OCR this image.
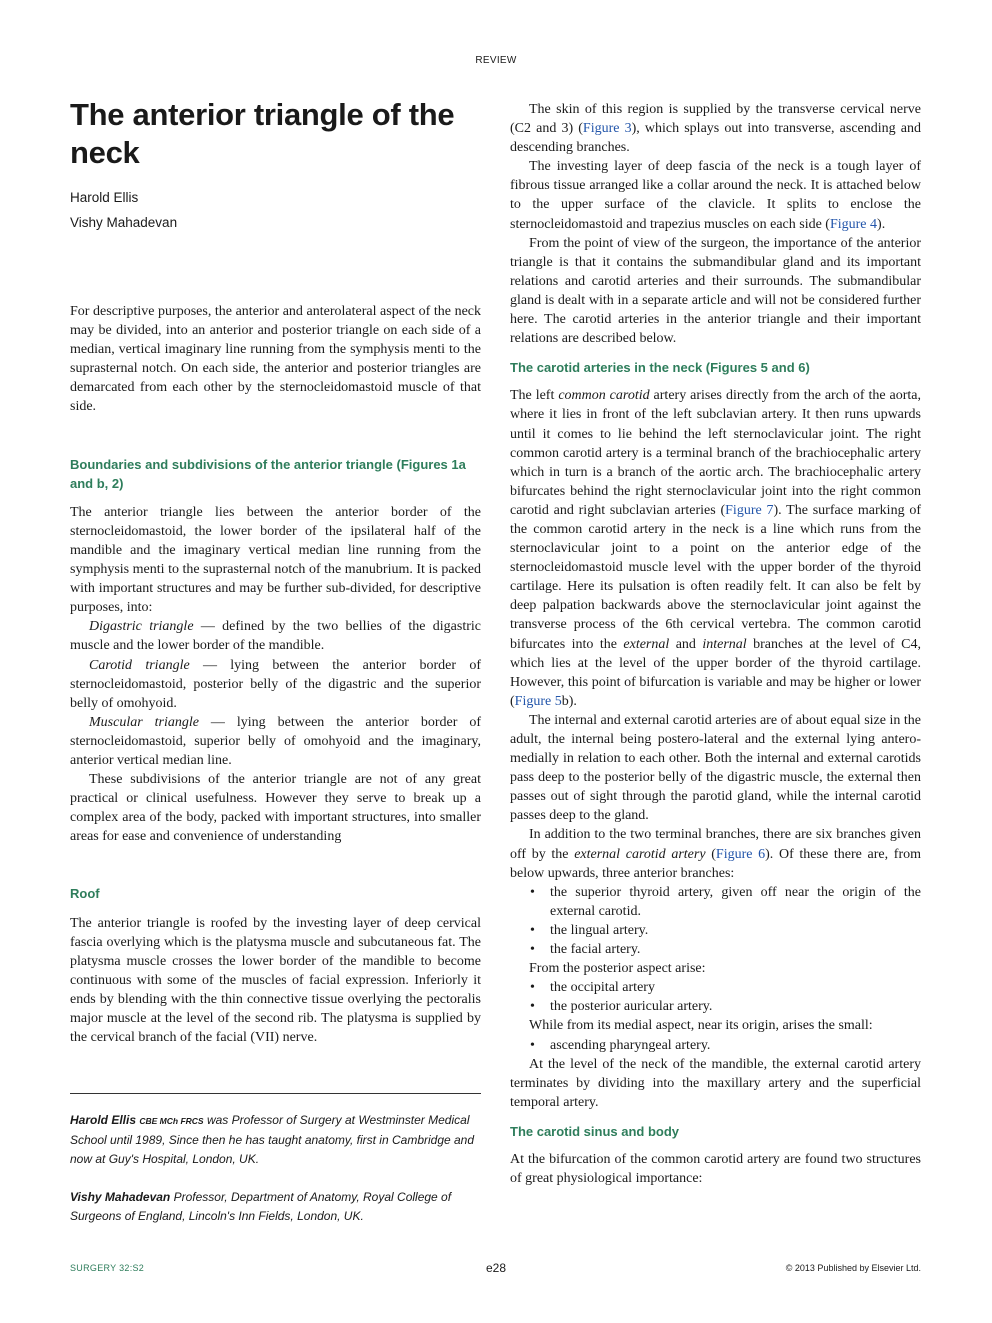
REVIEW
The anterior triangle of the neck
Harold Ellis
Vishy Mahadevan

For descriptive purposes, the anterior and anterolateral aspect of the neck may be divided, into an anterior and posterior triangle on each side of a median, vertical imaginary line running from the symphysis menti to the suprasternal notch. On each side, the anterior and posterior triangles are demarcated from each other by the sternocleidomastoid muscle of that side.

Boundaries and subdivisions of the anterior triangle (Figures 1a and b, 2)

The anterior triangle lies between the anterior border of the sternocleidomastoid, the lower border of the ipsilateral half of the mandible and the imaginary vertical median line running from the symphysis menti to the suprasternal notch of the manubrium. It is packed with important structures and may be further sub-divided, for descriptive purposes, into:

Digastric triangle — defined by the two bellies of the digastric muscle and the lower border of the mandible.

Carotid triangle — lying between the anterior border of sternocleidomastoid, posterior belly of the digastric and the superior belly of omohyoid.

Muscular triangle — lying between the anterior border of sternocleidomastoid, superior belly of omohyoid and the imaginary, anterior vertical median line.

These subdivisions of the anterior triangle are not of any great practical or clinical usefulness. However they serve to break up a complex area of the body, packed with important structures, into smaller areas for ease and convenience of understanding

Roof

The anterior triangle is roofed by the investing layer of deep cervical fascia overlying which is the platysma muscle and subcutaneous fat. The platysma muscle crosses the lower border of the mandible to become continuous with some of the muscles of facial expression. Inferiorly it ends by blending with the thin connective tissue overlying the pectoralis major muscle at the level of the second rib. The platysma is supplied by the cervical branch of the facial (VII) nerve.

Harold Ellis CBE MCh FRCS was Professor of Surgery at Westminster Medical School until 1989, Since then he has taught anatomy, first in Cambridge and now at Guy's Hospital, London, UK.

Vishy Mahadevan Professor, Department of Anatomy, Royal College of Surgeons of England, Lincoln's Inn Fields, London, UK.

The skin of this region is supplied by the transverse cervical nerve (C2 and 3) (Figure 3), which splays out into transverse, ascending and descending branches.

The investing layer of deep fascia of the neck is a tough layer of fibrous tissue arranged like a collar around the neck. It is attached below to the upper surface of the clavicle. It splits to enclose the sternocleidomastoid and trapezius muscles on each side (Figure 4).

From the point of view of the surgeon, the importance of the anterior triangle is that it contains the submandibular gland and its important relations and carotid arteries and their surrounds. The submandibular gland is dealt with in a separate article and will not be considered further here. The carotid arteries in the anterior triangle and their important relations are described below.

The carotid arteries in the neck (Figures 5 and 6)

The left common carotid artery arises directly from the arch of the aorta, where it lies in front of the left subclavian artery. It then runs upwards until it comes to lie behind the left sternoclavicular joint. The right common carotid artery is a terminal branch of the brachiocephalic artery which in turn is a branch of the aortic arch. The brachiocephalic artery bifurcates behind the right sternoclavicular joint into the right common carotid and right subclavian arteries (Figure 7). The surface marking of the common carotid artery in the neck is a line which runs from the sternoclavicular joint to a point on the anterior edge of the sternocleidomastoid muscle level with the upper border of the thyroid cartilage. Here its pulsation is often readily felt. It can also be felt by deep palpation backwards above the sternoclavicular joint against the transverse process of the 6th cervical vertebra. The common carotid bifurcates into the external and internal branches at the level of C4, which lies at the level of the upper border of the thyroid cartilage. However, this point of bifurcation is variable and may be higher or lower (Figure 5b).

The internal and external carotid arteries are of about equal size in the adult, the internal being postero-lateral and the external lying antero-medially in relation to each other. Both the internal and external carotids pass deep to the posterior belly of the digastric muscle, the external then passes out of sight through the parotid gland, while the internal carotid passes deep to the gland.

In addition to the two terminal branches, there are six branches given off by the external carotid artery (Figure 6). Of these there are, from below upwards, three anterior branches:

• the superior thyroid artery, given off near the origin of the external carotid.
• the lingual artery.
• the facial artery.

From the posterior aspect arise:

• the occipital artery
• the posterior auricular artery.

While from its medial aspect, near its origin, arises the small:

• ascending pharyngeal artery.

At the level of the neck of the mandible, the external carotid artery terminates by dividing into the maxillary artery and the superficial temporal artery.

The carotid sinus and body

At the bifurcation of the common carotid artery are found two structures of great physiological importance:

SURGERY 32:S2	e28	© 2013 Published by Elsevier Ltd.
